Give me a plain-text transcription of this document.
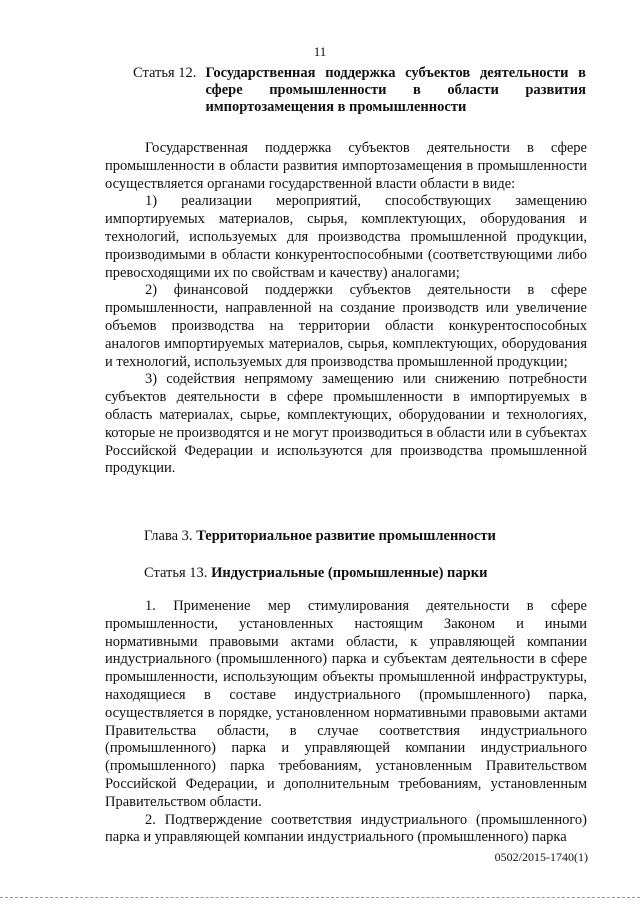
11
Статья 12. Государственная поддержка субъектов деятельности в сфере промышленности в области развития импортозамещения в промышленности

Государственная поддержка субъектов деятельности в сфере промышленности в области развития импортозамещения в промышленности осуществляется органами государственной власти области в виде:

1) реализации мероприятий, способствующих замещению импортируемых материалов, сырья, комплектующих, оборудования и технологий, используемых для производства промышленной продукции, производимыми в области конкурентоспособными (соответствующими либо превосходящими их по свойствам и качеству) аналогами;

2) финансовой поддержки субъектов деятельности в сфере промышленности, направленной на создание производств или увеличение объемов производства на территории области конкурентоспособных аналогов импортируемых материалов, сырья, комплектующих, оборудования и технологий, используемых для производства промышленной продукции;

3) содействия непрямому замещению или снижению потребности субъектов деятельности в сфере промышленности в импортируемых в область материалах, сырье, комплектующих, оборудовании и технологиях, которые не производятся и не могут производиться в области или в субъектах Российской Федерации и используются для производства промышленной продукции.

Глава 3. Территориальное развитие промышленности
Статья 13. Индустриальные (промышленные) парки

1. Применение мер стимулирования деятельности в сфере промышленности, установленных настоящим Законом и иными нормативными правовыми актами области, к управляющей компании индустриального (промышленного) парка и субъектам деятельности в сфере промышленности, использующим объекты промышленной инфраструктуры, находящиеся в составе индустриального (промышленного) парка, осуществляется в порядке, установленном нормативными правовыми актами Правительства области, в случае соответствия индустриального (промышленного) парка и управляющей компании индустриального (промышленного) парка требованиям, установленным Правительством Российской Федерации, и дополнительным требованиям, установленным Правительством области.

2. Подтверждение соответствия индустриального (промышленного) парка и управляющей компании индустриального (промышленного) парка

0502/2015-1740(1)
